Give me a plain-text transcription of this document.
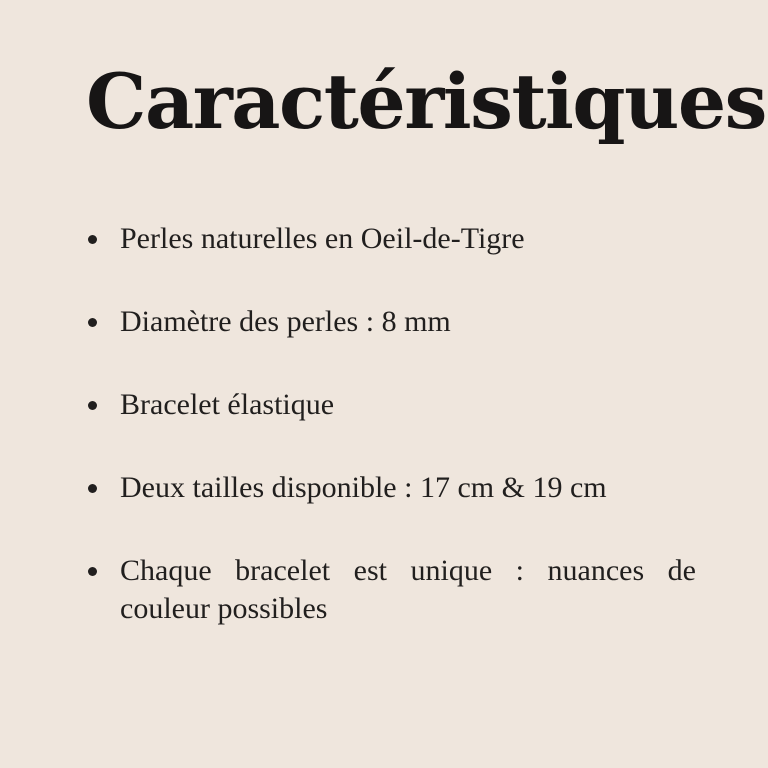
Caractéristiques
Perles naturelles en Oeil-de-Tigre
Diamètre des perles : 8 mm
Bracelet élastique
Deux tailles disponible : 17 cm & 19 cm
Chaque bracelet est unique : nuances de couleur possibles
